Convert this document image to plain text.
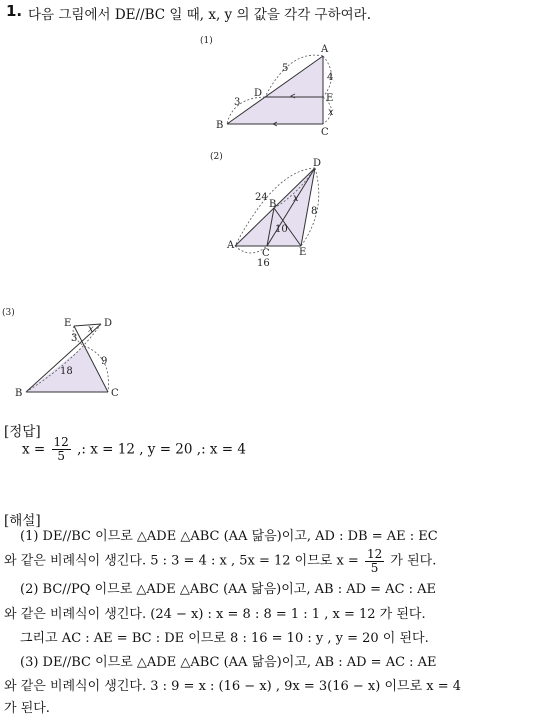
1. 다음 그림에서 DE//BC 일 때, x, y 의 값을 각각 구하여라.
(1)
A
B
C
D	E
5
3
4
x
(2)
D
B
A
C	E
24
8
x
10
16
(3)
E	D
B	C
3
x
9
18
[정답]
$x = \frac{12}{5}$ ,: x = 12 , y = 20 ,: x = 4
[해설]
(1) DE//BC 이므로 △ADE △ABC (AA 닮음)이고, AD : DB = AE : EC
와 같은 비례식이 생긴다. 5 : 3 = 4 : x , 5x = 12 이므로 $x = \frac{12}{5}$ 가 된다.
(2) BC//PQ 이므로 △ADE △ABC (AA 닮음)이고, AB : AD = AC : AE
와 같은 비례식이 생긴다. (24 − x) : x = 8 : 8 = 1 : 1 , x = 12 가 된다.
그리고 AC : AE = BC : DE 이므로 8 : 16 = 10 : y , y = 20 이 된다.
(3) DE//BC 이므로 △ADE △ABC (AA 닮음)이고, AB : AD = AC : AE
와 같은 비례식이 생긴다. 3 : 9 = x : (16 − x) , 9x = 3(16 − x) 이므로 x = 4
가 된다.
